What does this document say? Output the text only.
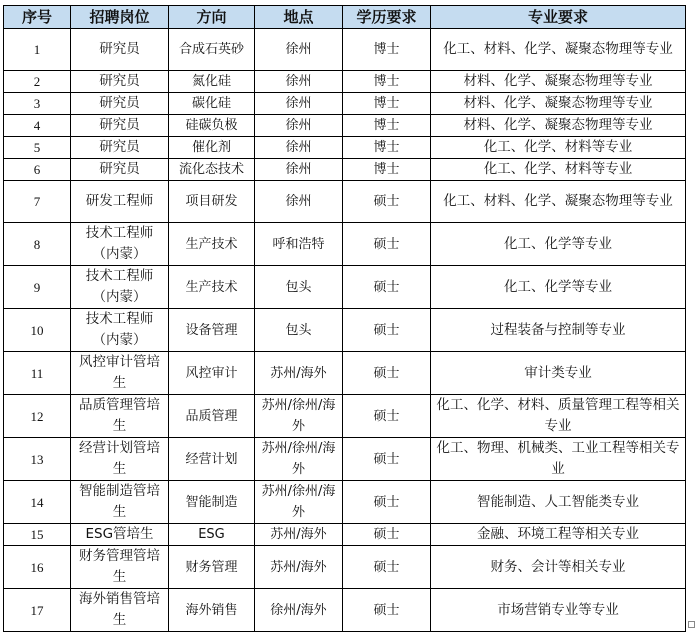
序号	招聘岗位	方向	地点	学历要求	专业要求
1	研究员	合成石英砂	徐州	博士	化工、材料、化学、凝聚态物理等专业
2	研究员	氮化硅	徐州	博士	材料、化学、凝聚态物理等专业
3	研究员	碳化硅	徐州	博士	材料、化学、凝聚态物理等专业
4	研究员	硅碳负极	徐州	博士	材料、化学、凝聚态物理等专业
5	研究员	催化剂	徐州	博士	化工、化学、材料等专业
6	研究员	流化态技术	徐州	博士	化工、化学、材料等专业
7	研发工程师	项目研发	徐州	硕士	化工、材料、化学、凝聚态物理等专业
8	技术工程师（内蒙）	生产技术	呼和浩特	硕士	化工、化学等专业
9	技术工程师（内蒙）	生产技术	包头	硕士	化工、化学等专业
10	技术工程师（内蒙）	设备管理	包头	硕士	过程装备与控制等专业
11	风控审计管培生	风控审计	苏州/海外	硕士	审计类专业
12	品质管理管培生	品质管理	苏州/徐州/海外	硕士	化工、化学、材料、质量管理工程等相关专业
13	经营计划管培生	经营计划	苏州/徐州/海外	硕士	化工、物理、机械类、工业工程等相关专业
14	智能制造管培生	智能制造	苏州/徐州/海外	硕士	智能制造、人工智能类专业
15	ESG管培生	ESG	苏州/海外	硕士	金融、环境工程等相关专业
16	财务管理管培生	财务管理	苏州/海外	硕士	财务、会计等相关专业
17	海外销售管培生	海外销售	徐州/海外	硕士	市场营销专业等专业
